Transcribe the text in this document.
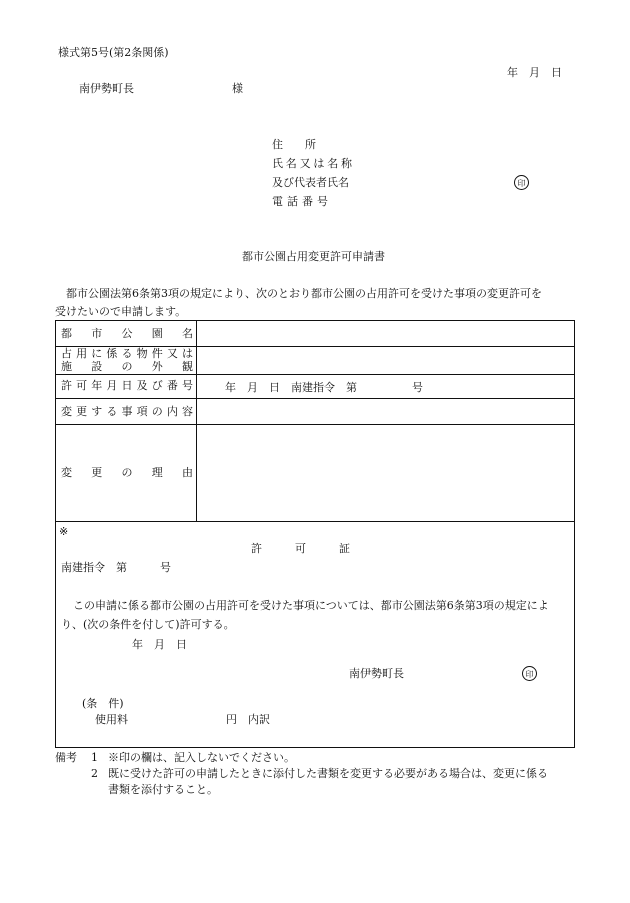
様式第5号(第2条関係)
年　月　日
南伊勢町長	様
住　　所
氏 名 又 は 名 称
及び代表者氏名	印
電話番号
都市公園占用変更許可申請書
都市公園法第6条第3項の規定により、次のとおり都市公園の占用許可を受けた事項の変更許可を
受けたいので申請します。
都 市 公 園 名
占 用 に 係 る 物 件 又 は
施 設 の 外 観
許 可 年 月 日 及 び 番 号	年　月　日　南建指令　第　　　　　号
変 更 す る 事 項 の 内 容
変 更 の 理 由
※
許　　　可　　　証
南建指令　第　　　号
この申請に係る都市公園の占用許可を受けた事項については、都市公園法第6条第3項の規定によ
り、(次の条件を付して)許可する。
年　月　日
南伊勢町長	印
(条　件)
使用料	円　内訳
備考 1 ※印の欄は、記入しないでください。
2 既に受けた許可の申請したときに添付した書類を変更する必要がある場合は、変更に係る
書類を添付すること。
